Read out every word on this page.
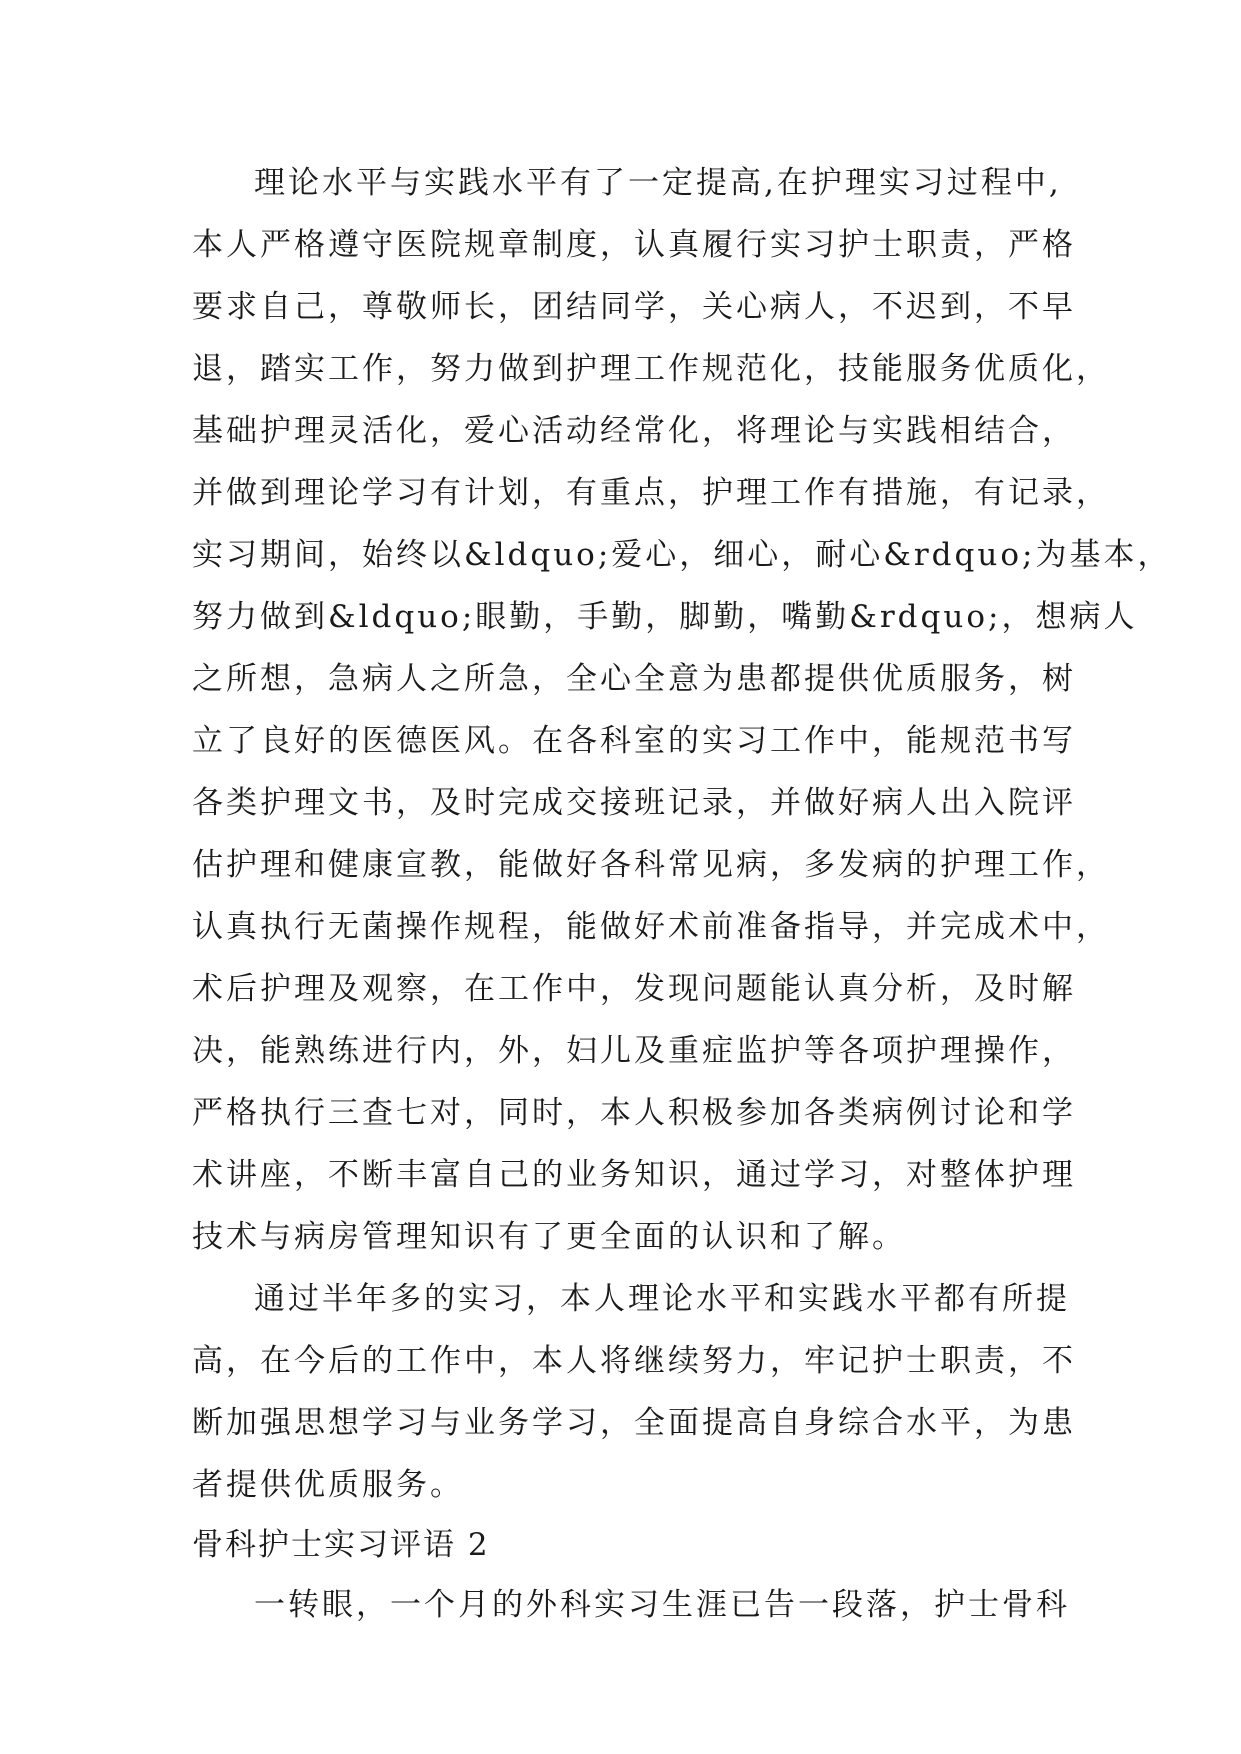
理论水平与实践水平有了一定提高,在护理实习过程中,
本人严格遵守医院规章制度，认真履行实习护士职责，严格
要求自己，尊敬师长，团结同学，关心病人，不迟到，不早
退，踏实工作，努力做到护理工作规范化，技能服务优质化，
基础护理灵活化，爱心活动经常化，将理论与实践相结合，
并做到理论学习有计划，有重点，护理工作有措施，有记录，
实习期间，始终以&ldquo;爱心，细心，耐心&rdquo;为基本，
努力做到&ldquo;眼勤，手勤，脚勤，嘴勤&rdquo;，想病人
之所想，急病人之所急，全心全意为患都提供优质服务，树
立了良好的医德医风。在各科室的实习工作中，能规范书写
各类护理文书，及时完成交接班记录，并做好病人出入院评
估护理和健康宣教，能做好各科常见病，多发病的护理工作，
认真执行无菌操作规程，能做好术前准备指导，并完成术中，
术后护理及观察，在工作中，发现问题能认真分析，及时解
决，能熟练进行内，外，妇儿及重症监护等各项护理操作，
严格执行三查七对，同时，本人积极参加各类病例讨论和学
术讲座，不断丰富自己的业务知识，通过学习，对整体护理
技术与病房管理知识有了更全面的认识和了解。
通过半年多的实习，本人理论水平和实践水平都有所提
高，在今后的工作中，本人将继续努力，牢记护士职责，不
断加强思想学习与业务学习，全面提高自身综合水平，为患
者提供优质服务。
骨科护士实习评语 2
一转眼，一个月的外科实习生涯已告一段落，护士骨科
